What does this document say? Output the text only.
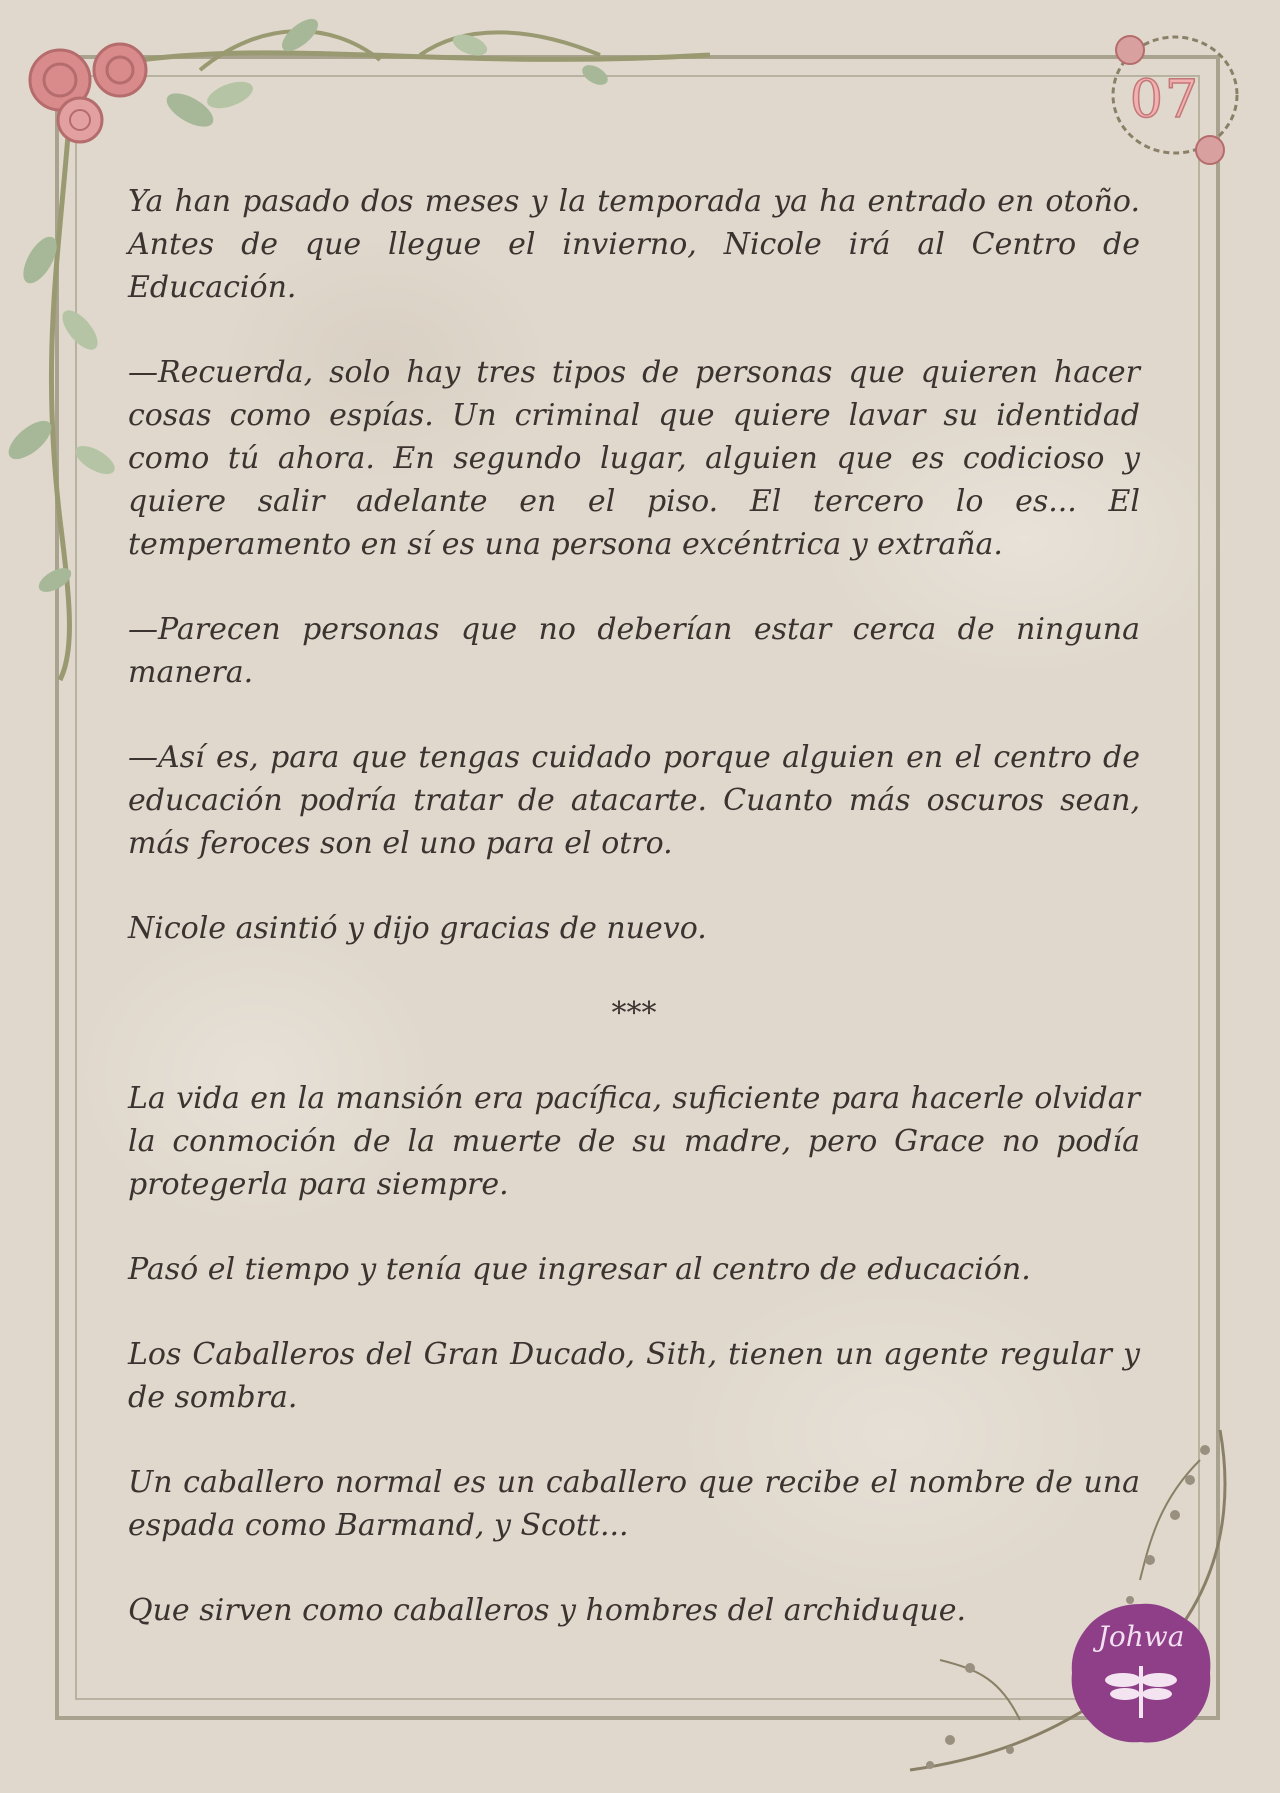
07

Ya han pasado dos meses y la temporada ya ha entrado en otoño. Antes de que llegue el invierno, Nicole irá al Centro de Educación.

—Recuerda, solo hay tres tipos de personas que quieren hacer cosas como espías. Un criminal que quiere lavar su identidad como tú ahora. En segundo lugar, alguien que es codicioso y quiere salir adelante en el piso. El tercero lo es... El temperamento en sí es una persona excéntrica y extraña.

—Parecen personas que no deberían estar cerca de ninguna manera.

—Así es, para que tengas cuidado porque alguien en el centro de educación podría tratar de atacarte. Cuanto más oscuros sean, más feroces son el uno para el otro.

Nicole asintió y dijo gracias de nuevo.

***

La vida en la mansión era pacífica, suficiente para hacerle olvidar la conmoción de la muerte de su madre, pero Grace no podía protegerla para siempre.

Pasó el tiempo y tenía que ingresar al centro de educación.

Los Caballeros del Gran Ducado, Sith, tienen un agente regular y de sombra.

Un caballero normal es un caballero que recibe el nombre de una espada como Barmand, y Scott...

Que sirven como caballeros y hombres del archiduque.

Johwa
